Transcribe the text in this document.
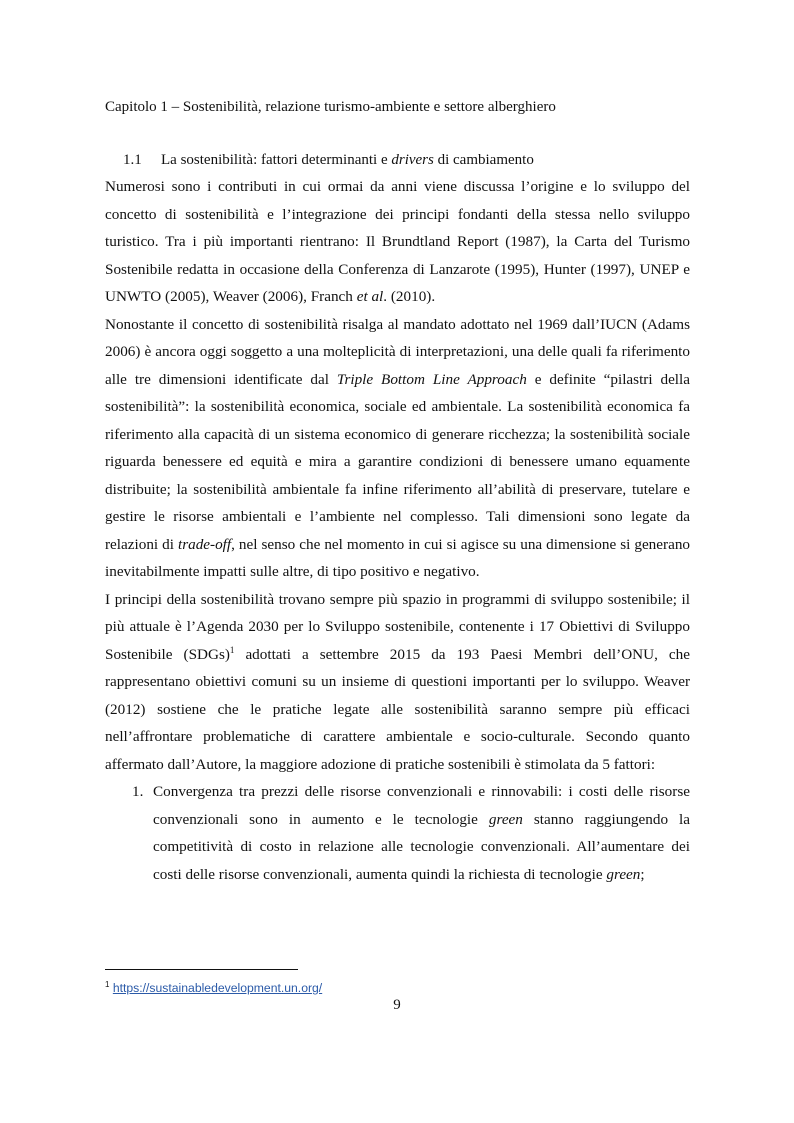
Capitolo 1 – Sostenibilità, relazione turismo-ambiente e settore alberghiero
1.1 La sostenibilità: fattori determinanti e drivers di cambiamento

Numerosi sono i contributi in cui ormai da anni viene discussa l’origine e lo sviluppo del concetto di sostenibilità e l’integrazione dei principi fondanti della stessa nello sviluppo turistico. Tra i più importanti rientrano: Il Brundtland Report (1987), la Carta del Turismo Sostenibile redatta in occasione della Conferenza di Lanzarote (1995), Hunter (1997), UNEP e UNWTO (2005), Weaver (2006), Franch et al. (2010).

Nonostante il concetto di sostenibilità risalga al mandato adottato nel 1969 dall’IUCN (Adams 2006) è ancora oggi soggetto a una molteplicità di interpretazioni, una delle quali fa riferimento alle tre dimensioni identificate dal Triple Bottom Line Approach e definite “pilastri della sostenibilità”: la sostenibilità economica, sociale ed ambientale. La sostenibilità economica fa riferimento alla capacità di un sistema economico di generare ricchezza; la sostenibilità sociale riguarda benessere ed equità e mira a garantire condizioni di benessere umano equamente distribuite; la sostenibilità ambientale fa infine riferimento all’abilità di preservare, tutelare e gestire le risorse ambientali e l’ambiente nel complesso. Tali dimensioni sono legate da relazioni di trade-off, nel senso che nel momento in cui si agisce su una dimensione si generano inevitabilmente impatti sulle altre, di tipo positivo e negativo.

I principi della sostenibilità trovano sempre più spazio in programmi di sviluppo sostenibile; il più attuale è l’Agenda 2030 per lo Sviluppo sostenibile, contenente i 17 Obiettivi di Sviluppo Sostenibile (SDGs)$^1$ adottati a settembre 2015 da 193 Paesi Membri dell’ONU, che rappresentano obiettivi comuni su un insieme di questioni importanti per lo sviluppo. Weaver (2012) sostiene che le pratiche legate alle sostenibilità saranno sempre più efficaci nell’affrontare problematiche di carattere ambientale e socio-culturale. Secondo quanto affermato dall’Autore, la maggiore adozione di pratiche sostenibili è stimolata da 5 fattori:

1. Convergenza tra prezzi delle risorse convenzionali e rinnovabili: i costi delle risorse convenzionali sono in aumento e le tecnologie green stanno raggiungendo la competitività di costo in relazione alle tecnologie convenzionali. All’aumentare dei costi delle risorse convenzionali, aumenta quindi la richiesta di tecnologie green;
$^1$ https://sustainabledevelopment.un.org/
9
